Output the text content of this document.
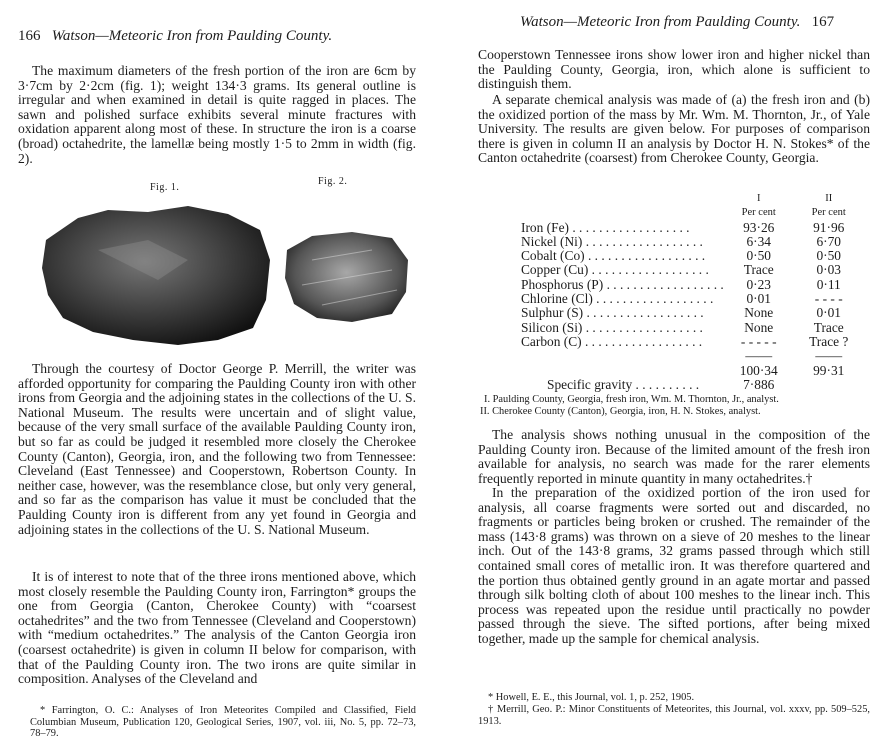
166 Watson—Meteoric Iron from Paulding County.

The maximum diameters of the fresh portion of the iron are 6cm by 3·7cm by 2·2cm (fig. 1); weight 134·3 grams. Its general outline is irregular and when examined in detail is quite ragged in places. The sawn and polished surface exhibits several minute fractures with oxidation apparent along most of these. In structure the iron is a coarse (broad) octahedrite, the lamellæ being mostly 1·5 to 2mm in width (fig. 2).

Fig. 1.
Fig. 2.

Through the courtesy of Doctor George P. Merrill, the writer was afforded opportunity for comparing the Paulding County iron with other irons from Georgia and the adjoining states in the collections of the U. S. National Museum. The results were uncertain and of slight value, because of the very small surface of the available Paulding County iron, but so far as could be judged it resembled more closely the Cherokee County (Canton), Georgia, iron, and the following two from Tennessee: Cleveland (East Tennessee) and Cooperstown, Robertson County. In neither case, however, was the resemblance close, but only very general, and so far as the comparison has value it must be concluded that the Paulding County iron is different from any yet found in Georgia and adjoining states in the collections of the U. S. National Museum.

It is of interest to note that of the three irons mentioned above, which most closely resemble the Paulding County iron, Farrington* groups the one from Georgia (Canton, Cherokee County) with “coarsest octahedrites” and the two from Tennessee (Cleveland and Cooperstown) with “medium octahedrites.” The analysis of the Canton Georgia iron (coarsest octahedrite) is given in column II below for comparison, with that of the Paulding County iron. The two irons are quite similar in composition. Analyses of the Cleveland and

* Farrington, O. C.: Analyses of Iron Meteorites Compiled and Classified, Field Columbian Museum, Publication 120, Geological Series, 1907, vol. iii, No. 5, pp. 72–73, 78–79.

Watson—Meteoric Iron from Paulding County. 167

Cooperstown Tennessee irons show lower iron and higher nickel than the Paulding County, Georgia, iron, which alone is sufficient to distinguish them.

A separate chemical analysis was made of (a) the fresh iron and (b) the oxidized portion of the mass by Mr. Wm. M. Thornton, Jr., of Yale University. The results are given below. For purposes of comparison there is given in column II an analysis by Doctor H. N. Stokes* of the Canton octahedrite (coarsest) from Cherokee County, Georgia.

	I	II
	Per cent	Per cent
Iron (Fe) . . . . . . . . . . . . . . . . . .	93·26	91·96
Nickel (Ni) . . . . . . . . . . . . . . . . . .	6·34	6·70
Cobalt (Co) . . . . . . . . . . . . . . . . . .	0·50	0·50
Copper (Cu) . . . . . . . . . . . . . . . . . .	Trace	0·03
Phosphorus (P) . . . . . . . . . . . . . . . . . .	0·23	0·11
Chlorine (Cl) . . . . . . . . . . . . . . . . . .	0·01	- - - -
Sulphur (S) . . . . . . . . . . . . . . . . . .	None	0·01
Silicon (Si) . . . . . . . . . . . . . . . . . .	None	Trace
Carbon (C) . . . . . . . . . . . . . . . . . .	- - - - -	Trace ?
	——	——
	100·34	99·31
Specific gravity . . . . . . . . . .	7·886	
I. Paulding County, Georgia, fresh iron, Wm. M. Thornton, Jr., analyst.
II. Cherokee County (Canton), Georgia, iron, H. N. Stokes, analyst.

The analysis shows nothing unusual in the composition of the Paulding County iron. Because of the limited amount of the fresh iron available for analysis, no search was made for the rarer elements frequently reported in minute quantity in many octahedrites.†

In the preparation of the oxidized portion of the iron used for analysis, all coarse fragments were sorted out and discarded, no fragments or particles being broken or crushed. The remainder of the mass (143·8 grams) was thrown on a sieve of 20 meshes to the linear inch. Out of the 143·8 grams, 32 grams passed through which still contained small cores of metallic iron. It was therefore quartered and the portion thus obtained gently ground in an agate mortar and passed through silk bolting cloth of about 100 meshes to the linear inch. This process was repeated upon the residue until practically no powder passed through the sieve. The sifted portions, after being mixed together, made up the sample for chemical analysis.

* Howell, E. E., this Journal, vol. 1, p. 252, 1905.

† Merrill, Geo. P.: Minor Constituents of Meteorites, this Journal, vol. xxxv, pp. 509–525, 1913.
